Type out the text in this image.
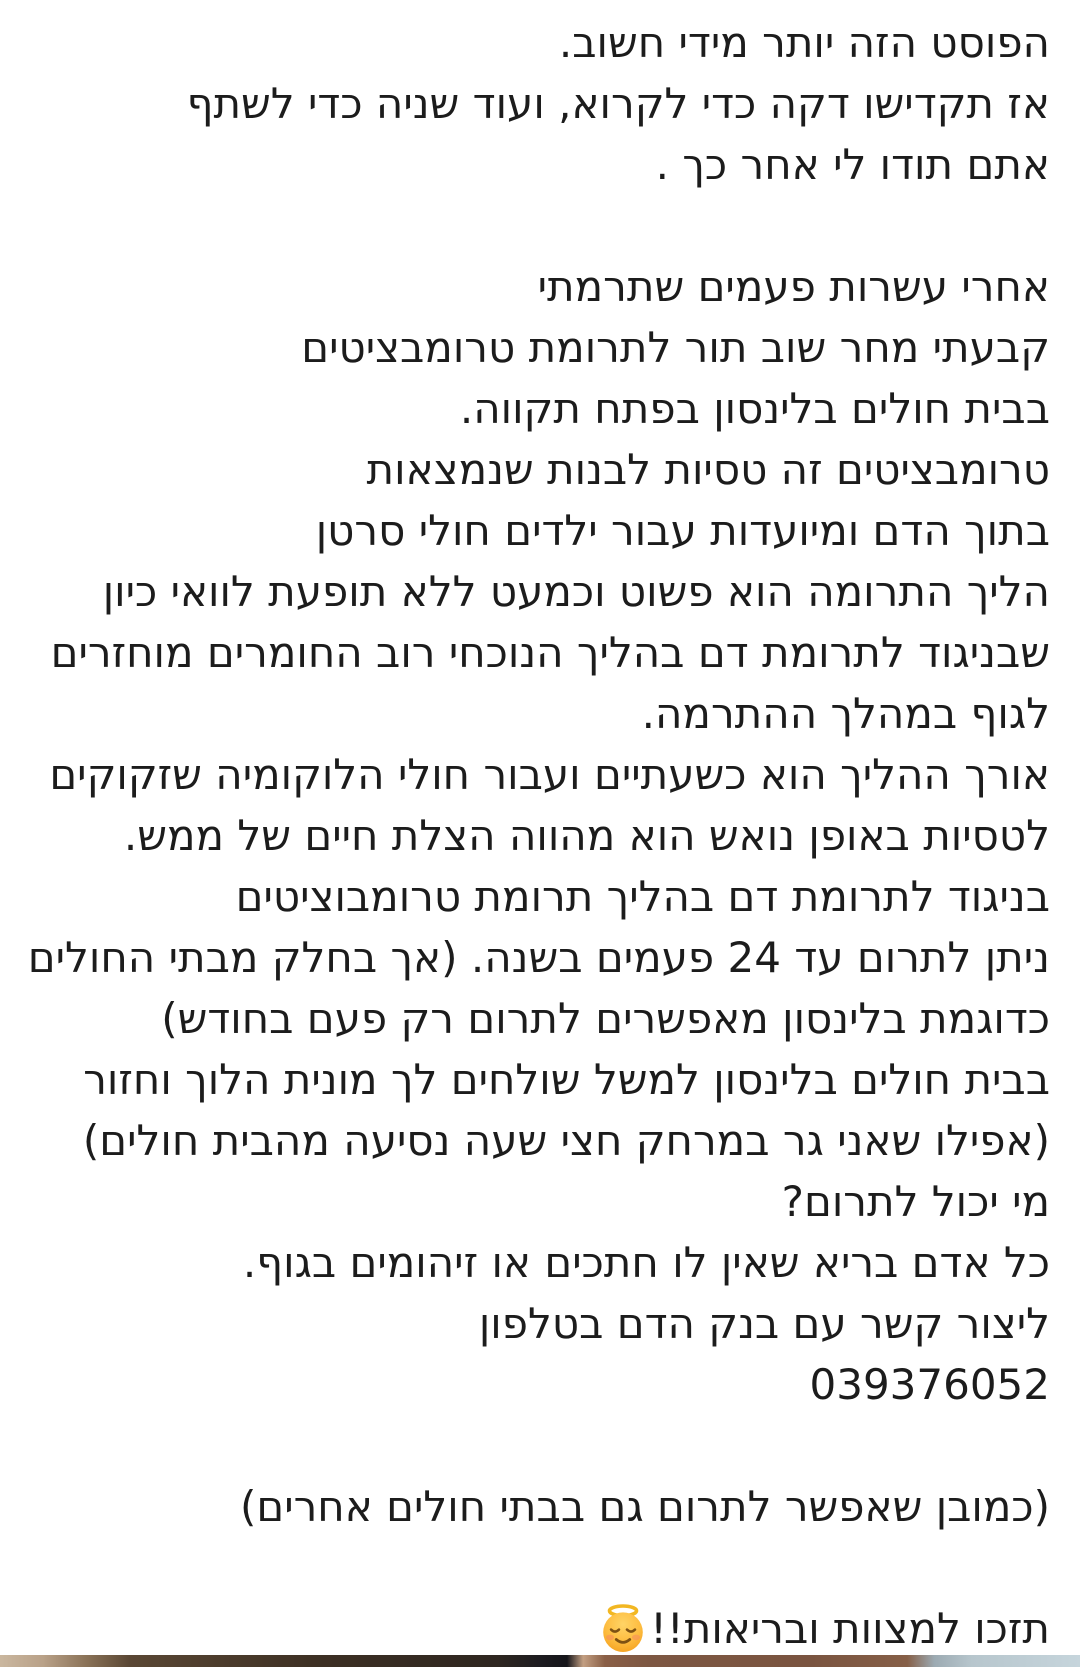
הפוסט הזה יותר מידי חשוב.
אז תקדישו דקה כדי לקרוא, ועוד שניה כדי לשתף
אתם תודו לי אחר כך .
אחרי עשרות פעמים שתרמתי
קבעתי מחר שוב תור לתרומת טרומבציטים
בבית חולים בלינסון בפתח תקווה.
טרומבציטים זה טסיות לבנות שנמצאות
בתוך הדם ומיועדות עבור ילדים חולי סרטן
הליך התרומה הוא פשוט וכמעט ללא תופעת לוואי כיון
שבניגוד לתרומת דם בהליך הנוכחי רוב החומרים מוחזרים
לגוף במהלך ההתרמה.
אורך ההליך הוא כשעתיים ועבור חולי הלוקומיה שזקוקים
לטסיות באופן נואש הוא מהווה הצלת חיים של ממש.
בניגוד לתרומת דם בהליך תרומת טרומבוציטים
ניתן לתרום עד 24 פעמים בשנה. (אך בחלק מבתי החולים
כדוגמת בלינסון מאפשרים לתרום רק פעם בחודש)
בבית חולים בלינסון למשל שולחים לך מונית הלוך וחזור
(אפילו שאני גר במרחק חצי שעה נסיעה מהבית חולים)
מי יכול לתרום?
כל אדם בריא שאין לו חתכים או זיהומים בגוף.
ליצור קשר עם בנק הדם בטלפון
039376052
(כמובן שאפשר לתרום גם בבתי חולים אחרים)
תזכו למצוות ובריאות!!
